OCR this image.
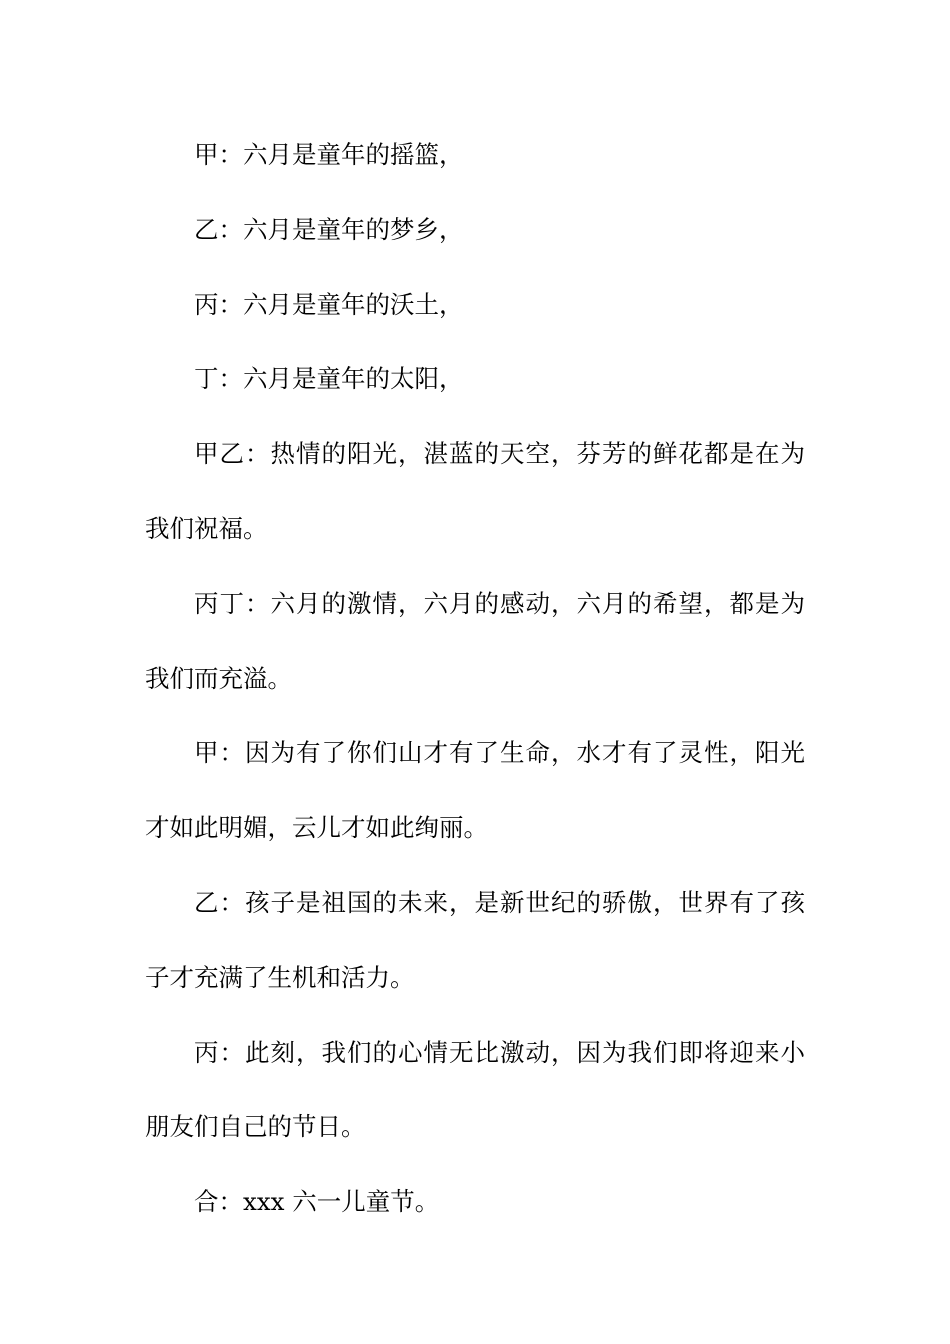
甲：六月是童年的摇篮，

乙：六月是童年的梦乡，

丙：六月是童年的沃土，

丁：六月是童年的太阳，

甲乙：热情的阳光，湛蓝的天空，芬芳的鲜花都是在为我们祝福。

丙丁：六月的激情，六月的感动，六月的希望，都是为我们而充溢。

甲：因为有了你们山才有了生命，水才有了灵性，阳光才如此明媚，云儿才如此绚丽。

乙：孩子是祖国的未来，是新世纪的骄傲，世界有了孩子才充满了生机和活力。

丙：此刻，我们的心情无比激动，因为我们即将迎来小朋友们自己的节日。

合：xxx 六一儿童节。
